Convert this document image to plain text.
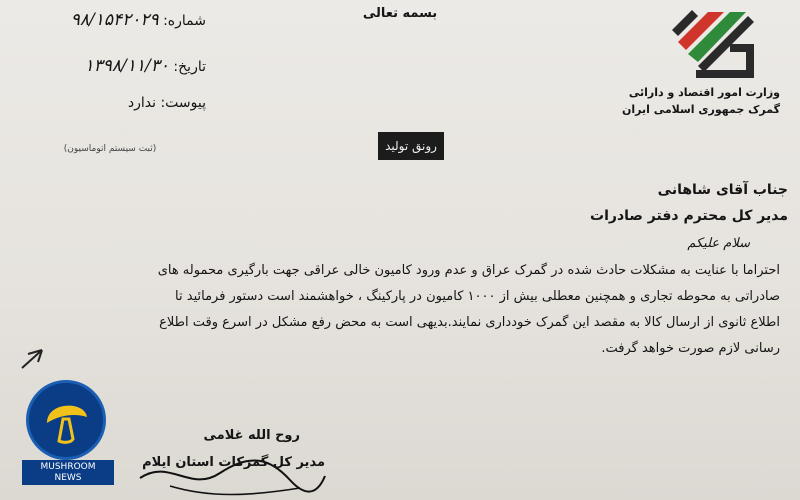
بسمه تعالی
وزارت امور اقتصاد و دارائی
گمرک جمهوری اسلامی ایران
شماره: ۹۸/۱۵۴۲۰۲۹
تاریخ: ۱۳۹۸/۱۱/۳۰
پیوست: ندارد
(ثبت سیستم اتوماسیون)	رونق تولید
جناب آقای شاهانی
مدیر کل محترم دفتر صادرات
سلام علیکم
احتراما با عنایت به مشکلات حادث شده در گمرک عراق و عدم ورود کامیون خالی عراقی جهت بارگیری محموله های
صادراتی به محوطه تجاری و همچنین معطلی بیش از ۱۰۰۰ کامیون در پارکینگ ، خواهشمند است دستور فرمائید تا
اطلاع ثانوی از ارسال کالا به مقصد این گمرک خودداری نمایند.بدیهی است به محض رفع مشکل در اسرع وقت اطلاع
رسانی لازم صورت خواهد گرفت.
روح الله غلامی
مدیر کل گمرکات استان ایلام
MUSHROOM
NEWS
